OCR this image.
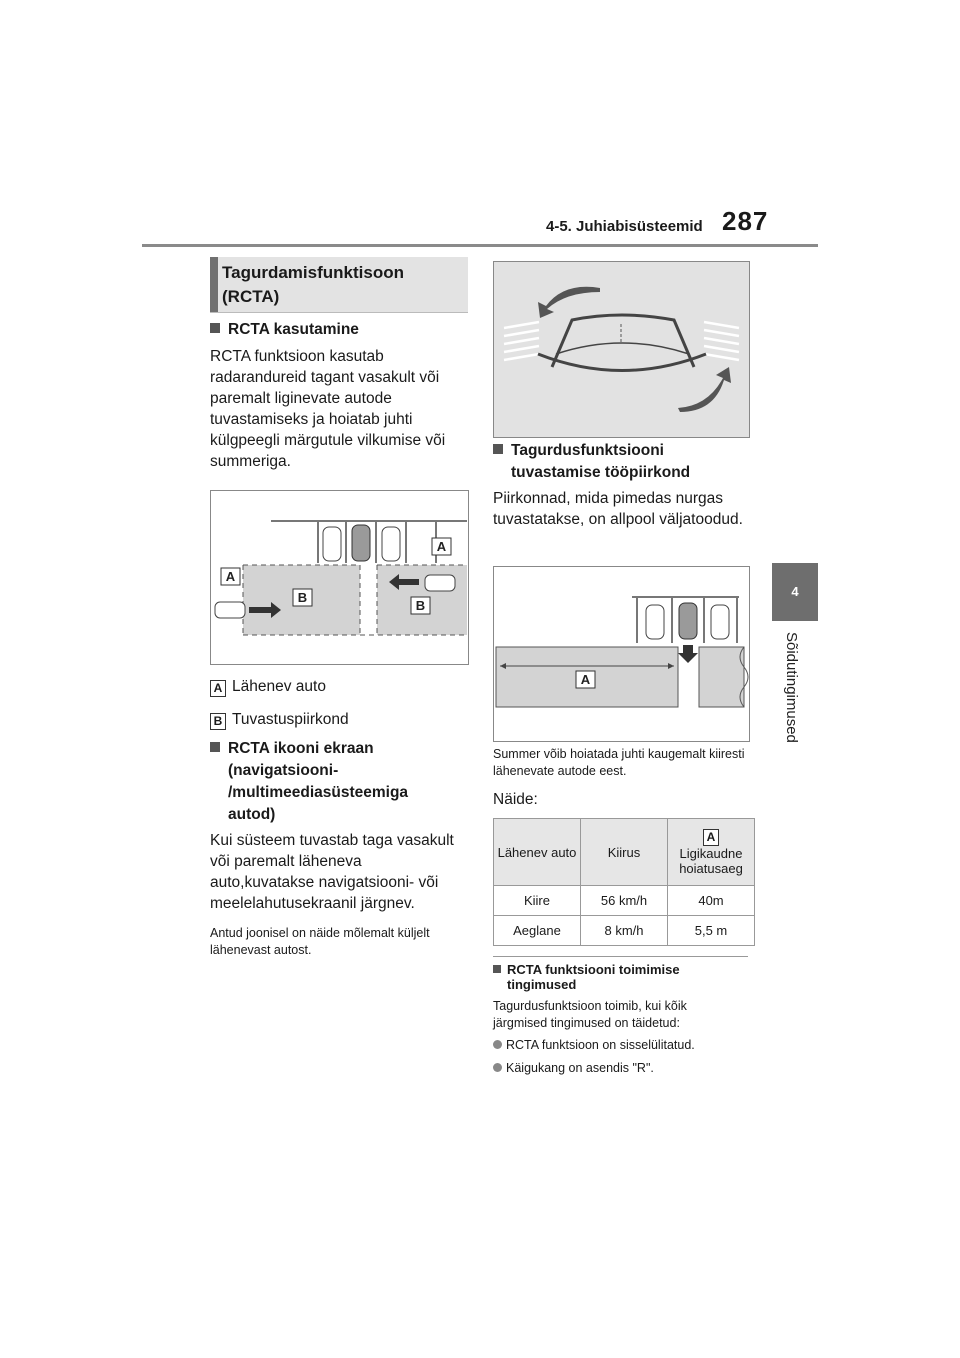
4-5. Juhiabisüsteemid 287
4
Sõidutingimused
Tagurdamisfunktisoon (RCTA)
RCTA kasutamine
RCTA funktsioon kasutab radarandureid tagant vasakult või paremalt liginevate autode tuvastamiseks ja hoiatab juhti külgpeegli märgutule vilkumise või summeriga.
A
A
B
B
A Lähenev auto
B Tuvastuspiirkond
	RCTA ikooni ekraan (navigatsiooni- /multimeediasüsteemiga autod)
Kui süsteem tuvastab taga vasakult või paremalt läheneva auto,kuvatakse navigatsiooni- või meelelahutusekraanil järgnev.
Antud joonisel on näide mõlemalt küljelt lähenevast autost.
	Tagurdusfunktsiooni tuvastamise tööpiirkond
Piirkonnad, mida pimedas nurgas tuvastatakse, on allpool väljatoodud.
A
Summer võib hoiatada juhti kaugemalt kiiresti lähenevate autode eest.
Näide:
Lähenev auto	Kiirus	A
Ligikaudne hoiatusaeg
Kiire	56 km/h	40m
Aeglane	8 km/h	5,5 m
	RCTA funktsiooni toimimise tingimused
Tagurdusfunktsioon toimib, kui kõik järgmised tingimused on täidetud:
RCTA funktsioon on sisselülitatud.
Käigukang on asendis "R".
